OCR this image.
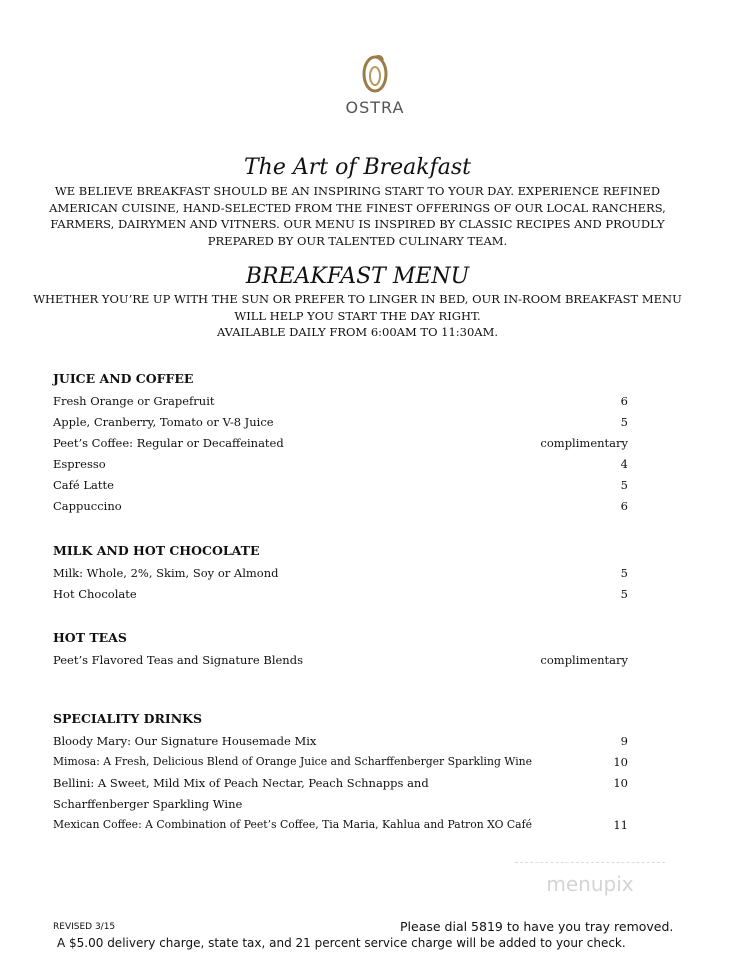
OSTRA
The Art of Breakfast
WE BELIEVE BREAKFAST SHOULD BE AN INSPIRING START TO YOUR DAY. EXPERIENCE REFINED
AMERICAN CUISINE, HAND-SELECTED FROM THE FINEST OFFERINGS OF OUR LOCAL RANCHERS,
FARMERS, DAIRYMEN AND VITNERS. OUR MENU IS INSPIRED BY CLASSIC RECIPES AND PROUDLY
PREPARED BY OUR TALENTED CULINARY TEAM.
BREAKFAST MENU
WHETHER YOU’RE UP WITH THE SUN OR PREFER TO LINGER IN BED, OUR IN-ROOM BREAKFAST MENU
WILL HELP YOU START THE DAY RIGHT.
AVAILABLE DAILY FROM 6:00AM TO 11:30AM.
JUICE AND COFFEE
Fresh Orange or Grapefruit	6
Apple, Cranberry, Tomato or V-8 Juice	5
Peet’s Coffee: Regular or Decaffeinated	complimentary
Espresso	4
Café Latte	5
Cappuccino	6
MILK AND HOT CHOCOLATE
Milk: Whole, 2%, Skim, Soy or Almond	5
Hot Chocolate	5
HOT TEAS
Peet’s Flavored Teas and Signature Blends	complimentary
SPECIALITY DRINKS
Bloody Mary: Our Signature Housemade Mix	9
Mimosa: A Fresh, Delicious Blend of Orange Juice and Scharffenberger Sparkling Wine	10
Bellini: A Sweet, Mild Mix of Peach Nectar, Peach Schnapps and	10
Scharffenberger Sparkling Wine
Mexican Coffee: A Combination of Peet’s Coffee, Tia Maria, Kahlua and Patron XO Café	11
menupix
REVISED 3/15	Please dial 5819 to have you tray removed.
A $5.00 delivery charge, state tax, and 21 percent service charge will be added to your check.
